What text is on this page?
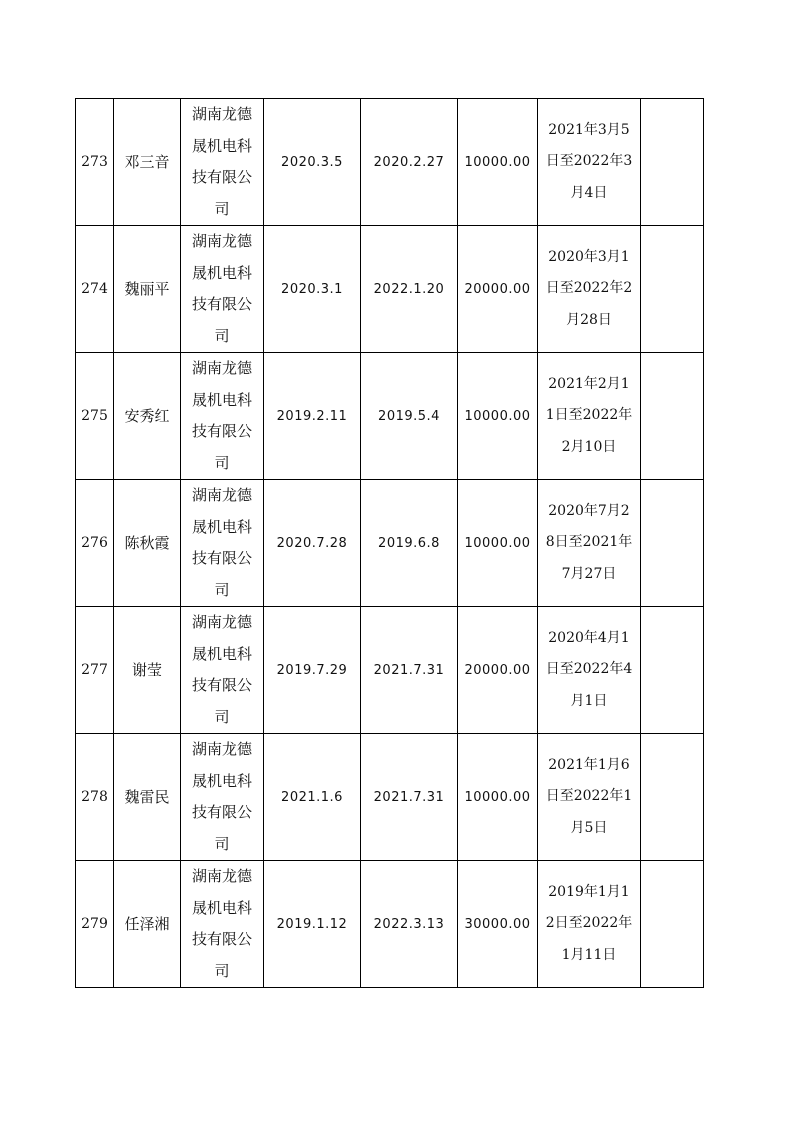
273	邓三音	湖南龙德晟机电科技有限公司	2020.3.5	2020.2.27	10000.00	2021年3月5日至2022年3月4日	
274	魏丽平	湖南龙德晟机电科技有限公司	2020.3.1	2022.1.20	20000.00	2020年3月1日至2022年2月28日	
275	安秀红	湖南龙德晟机电科技有限公司	2019.2.11	2019.5.4	10000.00	2021年2月11日至2022年2月10日	
276	陈秋霞	湖南龙德晟机电科技有限公司	2020.7.28	2019.6.8	10000.00	2020年7月28日至2021年7月27日	
277	谢莹	湖南龙德晟机电科技有限公司	2019.7.29	2021.7.31	20000.00	2020年4月1日至2022年4月1日	
278	魏雷民	湖南龙德晟机电科技有限公司	2021.1.6	2021.7.31	10000.00	2021年1月6日至2022年1月5日	
279	任泽湘	湖南龙德晟机电科技有限公司	2019.1.12	2022.3.13	30000.00	2019年1月12日至2022年1月11日	
